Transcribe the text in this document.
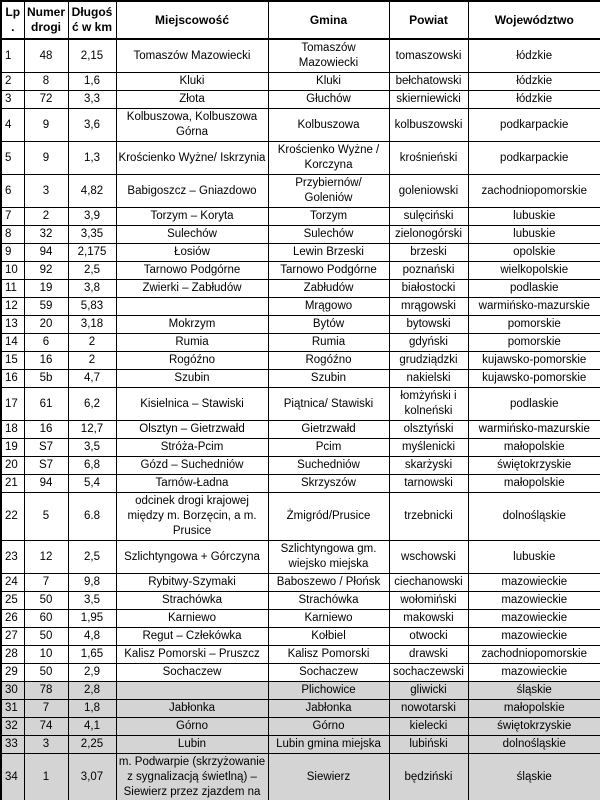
Lp.	Numer drogi	Długość w km	Miejscowość	Gmina	Powiat	Województwo
1	48	2,15	Tomaszów Mazowiecki	Tomaszów Mazowiecki	tomaszowski	łódzkie
2	8	1,6	Kluki	Kluki	bełchatowski	łódzkie
3	72	3,3	Złota	Głuchów	skierniewicki	łódzkie
4	9	3,6	Kolbuszowa, Kolbuszowa Górna	Kolbuszowa	kolbuszowski	podkarpackie
5	9	1,3	Krościenko Wyżne/ Iskrzynia	Krościenko Wyżne / Korczyna	krośnieński	podkarpackie
6	3	4,82	Babigoszcz – Gniazdowo	Przybiernów/ Goleniów	goleniowski	zachodniopomorskie
7	2	3,9	Torzym – Koryta	Torzym	sulęciński	lubuskie
8	32	3,35	Sulechów	Sulechów	zielonogórski	lubuskie
9	94	2,175	Łosiów	Lewin Brzeski	brzeski	opolskie
10	92	2,5	Tarnowo Podgórne	Tarnowo Podgórne	poznański	wielkopolskie
11	19	3,8	Zwierki – Zabłudów	Zabłudów	białostocki	podlaskie
12	59	5,83		Mrągowo	mrągowski	warmińsko-mazurskie
13	20	3,18	Mokrzym	Bytów	bytowski	pomorskie
14	6	2	Rumia	Rumia	gdyński	pomorskie
15	16	2	Rogóźno	Rogóźno	grudziądzki	kujawsko-pomorskie
16	5b	4,7	Szubin	Szubin	nakielski	kujawsko-pomorskie
17	61	6,2	Kisielnica – Stawiski	Piątnica/ Stawiski	łomżyński i kolneński	podlaskie
18	16	12,7	Olsztyn – Gietrzwałd	Gietrzwałd	olsztyński	warmińsko-mazurskie
19	S7	3,5	Stróża-Pcim	Pcim	myślenicki	małopolskie
20	S7	6,8	Gózd – Suchedniów	Suchedniów	skarżyski	świętokrzyskie
21	94	5,4	Tarnów-Ładna	Skrzyszów	tarnowski	małopolskie
22	5	6.8	odcinek drogi krajowej między m. Borzęcin, a m. Prusice	Żmigród/Prusice	trzebnicki	dolnośląskie
23	12	2,5	Szlichtyngowa + Górczyna	Szlichtyngowa gm. wiejsko miejska	wschowski	lubuskie
24	7	9,8	Rybitwy-Szymaki	Baboszewo / Płońsk	ciechanowski	mazowieckie
25	50	3,5	Strachówka	Strachówka	wołomiński	mazowieckie
26	60	1,95	Karniewo	Karniewo	makowski	mazowieckie
27	50	4,8	Regut – Człekówka	Kołbiel	otwocki	mazowieckie
28	10	1,65	Kalisz Pomorski – Pruszcz	Kalisz Pomorski	drawski	zachodniopomorskie
29	50	2,9	Sochaczew	Sochaczew	sochaczewski	mazowieckie
30	78	2,8		Plichowice	gliwicki	śląskie
31	7	1,8	Jabłonka	Jabłonka	nowotarski	małopolskie
32	74	4,1	Górno	Górno	kielecki	świętokrzyskie
33	3	2,25	Lubin	Lubin gmina miejska	lubiński	dolnośląskie
34	1	3,07	m. Podwarpie (skrzyżowanie z sygnalizacją świetlną) – Siewierz przez zjazdem na	Siewierz	będziński	śląskie
